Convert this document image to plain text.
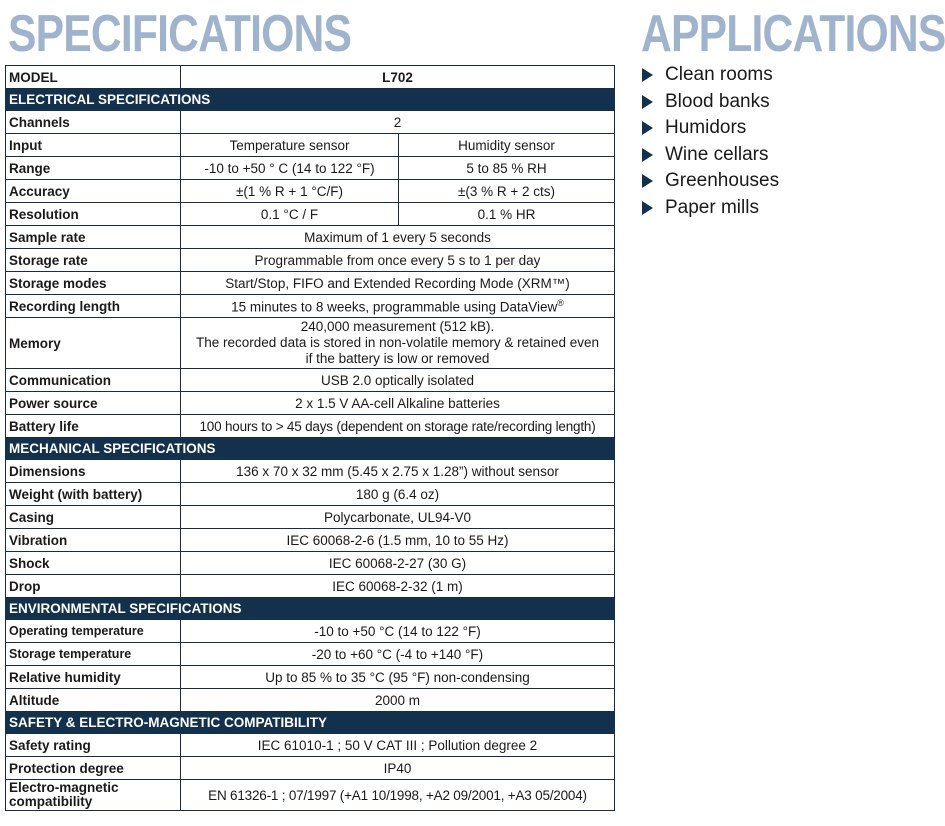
SPECIFICATIONS	APPLICATIONS
MODEL	L702	
ELECTRICAL SPECIFICATIONS		
Channels	2	
Input	Temperature sensor	Humidity sensor
Range	-10 to +50 ° C (14 to 122 °F)	5 to 85 % RH
Accuracy	±(1 % R + 1 °C/F)	±(3 % R + 2 cts)
Resolution	0.1 °C / F	0.1 % HR
Sample rate	Maximum of 1 every 5 seconds	
Storage rate	Programmable from once every 5 s to 1 per day	
Storage modes	Start/Stop, FIFO and Extended Recording Mode (XRM™)	
Recording length	15 minutes to 8 weeks, programmable using DataView®
Memory	240,000 measurement (512 kB).
The recorded data is stored in non-volatile memory & retained even
if the battery is low or removed	

Communication	USB 2.0 optically isolated	
Power source	2 x 1.5 V AA-cell Alkaline batteries	
Battery life	100 hours to > 45 days (dependent on storage rate/recording length)	
MECHANICAL SPECIFICATIONS		
Dimensions	136 x 70 x 32 mm (5.45 x 2.75 x 1.28”) without sensor	
Weight (with battery)	180 g (6.4 oz)	
Casing	Polycarbonate, UL94-V0	
Vibration	IEC 60068-2-6 (1.5 mm, 10 to 55 Hz)	
Shock	IEC 60068-2-27 (30 G)	
Drop	IEC 60068-2-32 (1 m)	
ENVIRONMENTAL SPECIFICATIONS		
Operating temperature	-10 to +50 °C (14 to 122 °F)	
Storage temperature	-20 to +60 °C (-4 to +140 °F)	
Relative humidity	Up to 85 % to 35 °C (95 °F) non-condensing	
Altitude	2000 m	
SAFETY & ELECTRO-MAGNETIC COMPATIBILITY		
Safety rating	IEC 61010-1 ; 50 V CAT III ; Pollution degree 2	
Protection degree	IP40	

Electro-magnetic
compatibility	EN 61326-1 ; 07/1997 (+A1 10/1998, +A2 09/2001, +A3 05/2004)	
Clean rooms
Blood banks
Humidors
Wine cellars
Greenhouses
Paper mills
